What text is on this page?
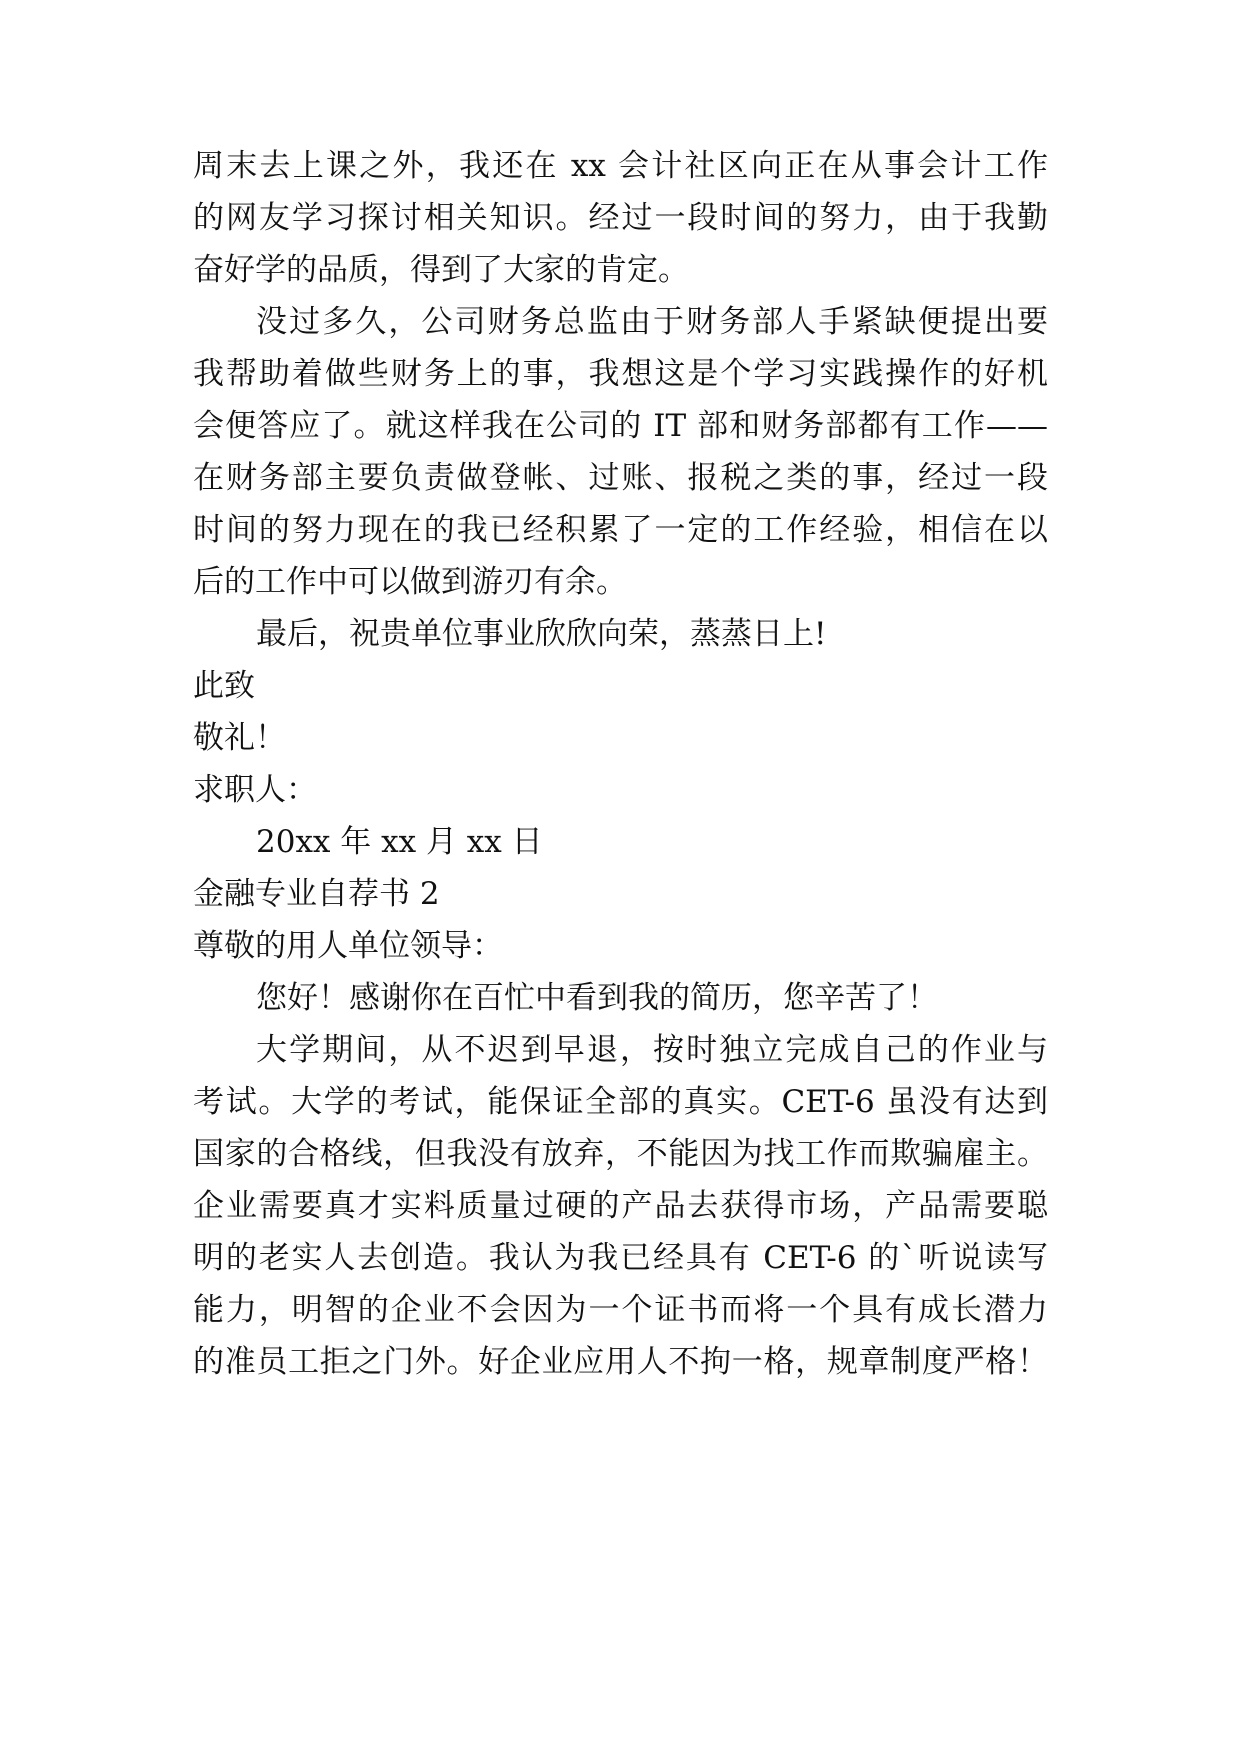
周末去上课之外，我还在 xx 会计社区向正在从事会计工作
的网友学习探讨相关知识。经过一段时间的努力，由于我勤
奋好学的品质，得到了大家的肯定。
没过多久，公司财务总监由于财务部人手紧缺便提出要
我帮助着做些财务上的事，我想这是个学习实践操作的好机
会便答应了。就这样我在公司的 IT 部和财务部都有工作——
在财务部主要负责做登帐、过账、报税之类的事，经过一段
时间的努力现在的我已经积累了一定的工作经验，相信在以
后的工作中可以做到游刃有余。
最后，祝贵单位事业欣欣向荣，蒸蒸日上!
此致
敬礼！
求职人：
20xx 年 xx 月 xx 日
金融专业自荐书 2
尊敬的用人单位领导：
您好！感谢你在百忙中看到我的简历，您辛苦了！
大学期间，从不迟到早退，按时独立完成自己的作业与
考试。大学的考试，能保证全部的真实。CET-6 虽没有达到
国家的合格线，但我没有放弃，不能因为找工作而欺骗雇主。
企业需要真才实料质量过硬的产品去获得市场，产品需要聪
明的老实人去创造。我认为我已经具有 CET-6 的`听说读写
能力，明智的企业不会因为一个证书而将一个具有成长潜力
的准员工拒之门外。好企业应用人不拘一格，规章制度严格！
